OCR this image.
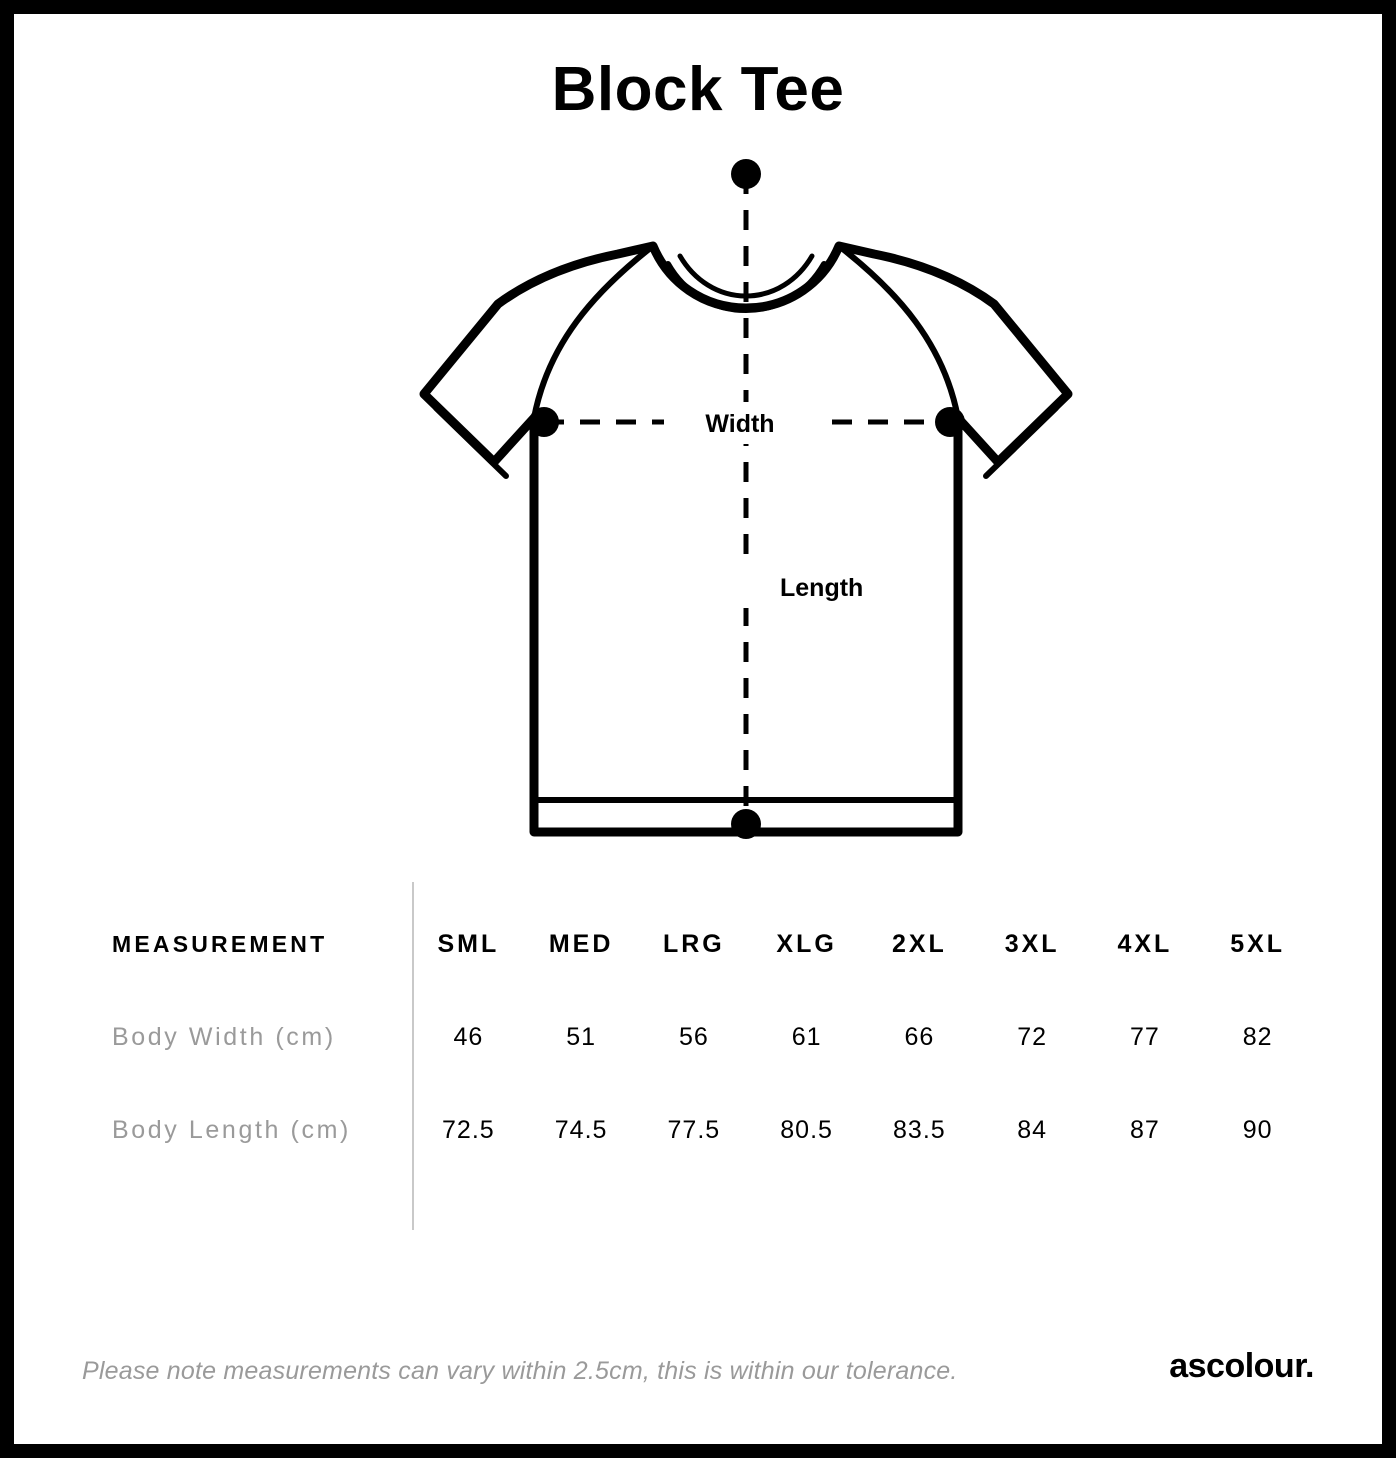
Block Tee
Width
Length
MEASUREMENT	SML	MED	LRG	XLG	2XL	3XL	4XL	5XL
Body Width (cm)	46	51	56	61	66	72	77	82
Body Length (cm)	72.5	74.5	77.5	80.5	83.5	84	87	90
Please note measurements can vary within 2.5cm, this is within our tolerance.	ascolour.
